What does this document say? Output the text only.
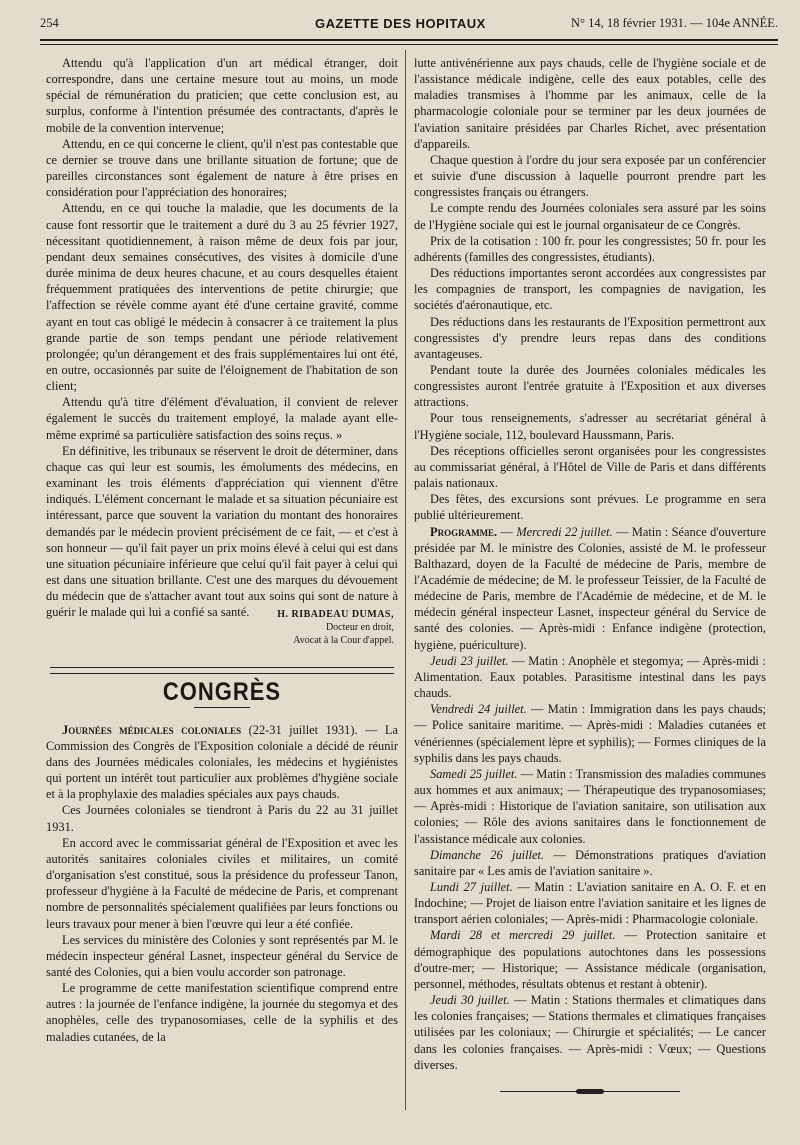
254	GAZETTE DES HOPITAUX	N° 14, 18 février 1931. — 104e ANNÉE.

Attendu qu'à l'application d'un art médical étranger, doit correspondre, dans une certaine mesure tout au moins, un mode spécial de rémunération du praticien; que cette conclusion est, au surplus, conforme à l'intention présumée des contractants, d'après le mobile de la convention intervenue;

Attendu, en ce qui concerne le client, qu'il n'est pas contestable que ce dernier se trouve dans une brillante situation de fortune; que de pareilles circonstances sont également de nature à être prises en considération pour l'appréciation des honoraires;

Attendu, en ce qui touche la maladie, que les documents de la cause font ressortir que le traitement a duré du 3 au 25 février 1927, nécessitant quotidiennement, à raison même de deux fois par jour, pendant deux semaines consécutives, des visites à domicile d'une durée minima de deux heures chacune, et au cours desquelles étaient fréquemment pratiquées des interventions de petite chirurgie; que l'affection se révèle comme ayant été d'une certaine gravité, comme ayant en tout cas obligé le médecin à consacrer à ce traitement la plus grande partie de son temps pendant une période relativement prolongée; qu'un dérangement et des frais supplémentaires lui ont été, en outre, occasionnés par suite de l'éloignement de l'habitation de son client;

Attendu qu'à titre d'élément d'évaluation, il convient de relever également le succès du traitement employé, la malade ayant elle-même exprimé sa particulière satisfaction des soins reçus. »

En définitive, les tribunaux se réservent le droit de déterminer, dans chaque cas qui leur est soumis, les émoluments des médecins, en examinant les trois éléments d'appréciation qui viennent d'être indiqués. L'élément concernant le malade et sa situation pécuniaire est intéressant, parce que souvent la variation du montant des honoraires demandés par le médecin provient précisément de ce fait, — et c'est à son honneur — qu'il fait payer un prix moins élevé à celui qui est dans une situation pécuniaire inférieure que celui qu'il fait payer à celui qui est dans une situation brillante. C'est une des marques du dévouement du médecin que de s'attacher avant tout aux soins qui sont de nature à guérir le malade qui lui a confié sa santé.	H. RIBADEAU DUMAS,
Docteur en droit,
Avocat à la Cour d'appel.
CONGRÈS

Journées médicales coloniales (22-31 juillet 1931). — La Commission des Congrès de l'Exposition coloniale a décidé de réunir dans des Journées médicales coloniales, les médecins et hygiénistes qui portent un intérêt tout particulier aux problèmes d'hygiène sociale et à la prophylaxie des maladies spéciales aux pays chauds.

Ces Journées coloniales se tiendront à Paris du 22 au 31 juillet 1931.

En accord avec le commissariat général de l'Exposition et avec les autorités sanitaires coloniales civiles et militaires, un comité d'organisation s'est constitué, sous la présidence du professeur Tanon, professeur d'hygiène à la Faculté de médecine de Paris, et comprenant nombre de personnalités spécialement qualifiées par leurs fonctions ou leurs travaux pour mener à bien l'œuvre qui leur a été confiée.

Les services du ministère des Colonies y sont représentés par M. le médecin inspecteur général Lasnet, inspecteur général du Service de santé des Colonies, qui a bien voulu accorder son patronage.

Le programme de cette manifestation scientifique comprend entre autres : la journée de l'enfance indigène, la journée du stegomya et des anophèles, celle des trypanosomiases, celle de la syphilis et des maladies cutanées, de la

lutte antivénérienne aux pays chauds, celle de l'hygiène sociale et de l'assistance médicale indigène, celle des eaux potables, celle des maladies transmises à l'homme par les animaux, celle de la pharmacologie coloniale pour se terminer par les deux journées de l'aviation sanitaire présidées par Charles Richet, avec présentation d'appareils.

Chaque question à l'ordre du jour sera exposée par un conférencier et suivie d'une discussion à laquelle pourront prendre part les congressistes français ou étrangers.

Le compte rendu des Journées coloniales sera assuré par les soins de l'Hygiène sociale qui est le journal organisateur de ce Congrès.

Prix de la cotisation : 100 fr. pour les congressistes; 50 fr. pour les adhérents (familles des congressistes, étudiants).

Des réductions importantes seront accordées aux congressistes par les compagnies de transport, les compagnies de navigation, les sociétés d'aéronautique, etc.

Des réductions dans les restaurants de l'Exposition permettront aux congressistes d'y prendre leurs repas dans des conditions avantageuses.

Pendant toute la durée des Journées coloniales médicales les congressistes auront l'entrée gratuite à l'Exposition et aux diverses attractions.

Pour tous renseignements, s'adresser au secrétariat général à l'Hygiène sociale, 112, boulevard Haussmann, Paris.

Des réceptions officielles seront organisées pour les congressistes au commissariat général, à l'Hôtel de Ville de Paris et dans différents palais nationaux.

Des fêtes, des excursions sont prévues. Le programme en sera publié ultérieurement.

Programme. — Mercredi 22 juillet. — Matin : Séance d'ouverture présidée par M. le ministre des Colonies, assisté de M. le professeur Balthazard, doyen de la Faculté de médecine de Paris, membre de l'Académie de médecine; de M. le professeur Teissier, de la Faculté de médecine de Paris, membre de l'Académie de médecine, et de M. le médecin général inspecteur Lasnet, inspecteur général du Service de santé des colonies. — Après-midi : Enfance indigène (protection, hygiène, puériculture).

Jeudi 23 juillet. — Matin : Anophèle et stegomya; — Après-midi : Alimentation. Eaux potables. Parasitisme intestinal dans les pays chauds.

Vendredi 24 juillet. — Matin : Immigration dans les pays chauds; — Police sanitaire maritime. — Après-midi : Maladies cutanées et vénériennes (spécialement lèpre et syphilis); — Formes cliniques de la syphilis dans les pays chauds.

Samedi 25 juillet. — Matin : Transmission des maladies communes aux hommes et aux animaux; — Thérapeutique des trypanosomiases; — Après-midi : Historique de l'aviation sanitaire, son utilisation aux colonies; — Rôle des avions sanitaires dans le fonctionnement de l'assistance médicale aux colonies.

Dimanche 26 juillet. — Démonstrations pratiques d'aviation sanitaire par « Les amis de l'aviation sanitaire ».

Lundi 27 juillet. — Matin : L'aviation sanitaire en A. O. F. et en Indochine; — Projet de liaison entre l'aviation sanitaire et les lignes de transport aérien coloniales; — Après-midi : Pharmacologie coloniale.

Mardi 28 et mercredi 29 juillet. — Protection sanitaire et démographique des populations autochtones dans les possessions d'outre-mer; — Historique; — Assistance médicale (organisation, personnel, méthodes, résultats obtenus et restant à obtenir).

Jeudi 30 juillet. — Matin : Stations thermales et climatiques dans les colonies françaises; — Stations thermales et climatiques françaises utilisées par les coloniaux; — Chirurgie et spécialités; — Le cancer dans les colonies françaises. — Après-midi : Vœux; — Questions diverses.
